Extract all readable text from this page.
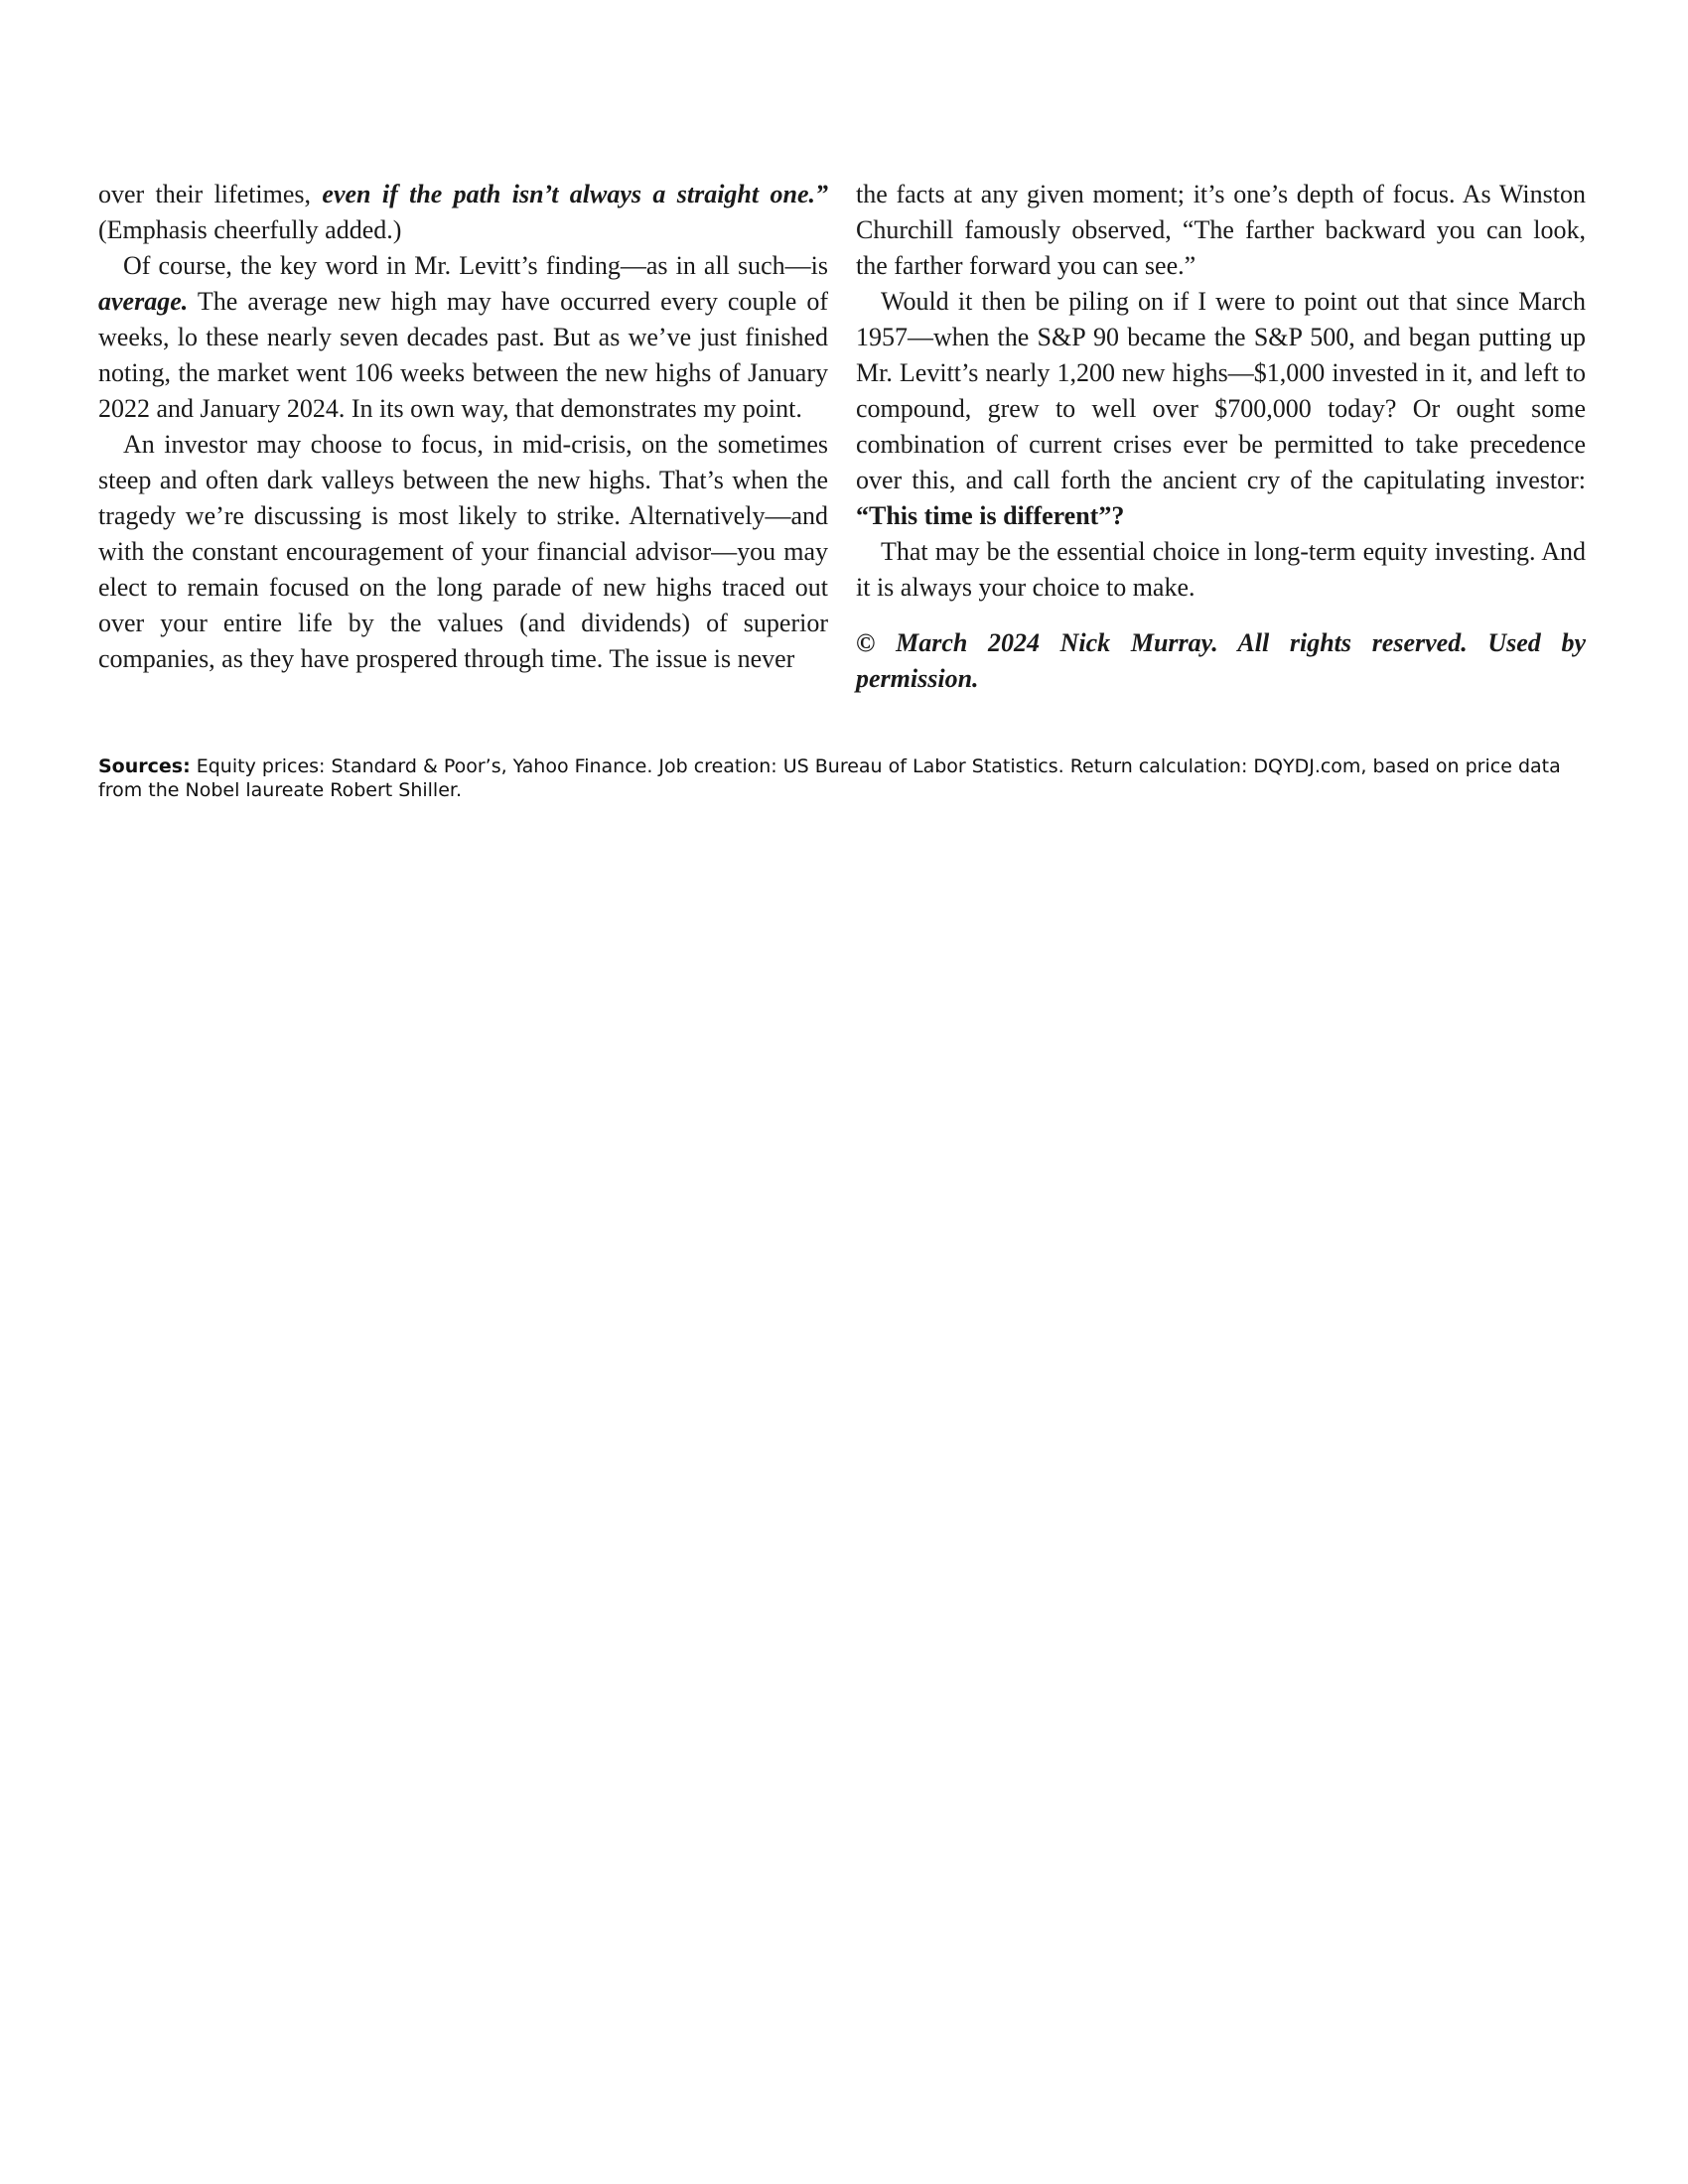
over their lifetimes, even if the path isn’t always a straight one.” (Emphasis cheerfully added.)

Of course, the key word in Mr. Levitt’s finding—as in all such—is average. The average new high may have occurred every couple of weeks, lo these nearly seven decades past. But as we’ve just finished noting, the market went 106 weeks between the new highs of January 2022 and January 2024. In its own way, that demonstrates my point.

An investor may choose to focus, in mid-crisis, on the sometimes steep and often dark valleys between the new highs. That’s when the tragedy we’re discussing is most likely to strike. Alternatively—and with the constant encouragement of your financial advisor—you may elect to remain focused on the long parade of new highs traced out over your entire life by the values (and dividends) of superior companies, as they have prospered through time. The issue is never

the facts at any given moment; it’s one’s depth of focus. As Winston Churchill famously observed, “The farther backward you can look, the farther forward you can see.”

Would it then be piling on if I were to point out that since March 1957—when the S&P 90 became the S&P 500, and began putting up Mr. Levitt’s nearly 1,200 new highs—$1,000 invested in it, and left to compound, grew to well over $700,000 today? Or ought some combination of current crises ever be permitted to take precedence over this, and call forth the ancient cry of the capitulating investor: “This time is different”?

That may be the essential choice in long-term equity investing. And it is always your choice to make.

© March 2024 Nick Murray. All rights reserved. Used by permission.

Sources: Equity prices: Standard & Poor’s, Yahoo Finance. Job creation: US Bureau of Labor Statistics. Return calculation: DQYDJ.com, based on price data from the Nobel laureate Robert Shiller.
